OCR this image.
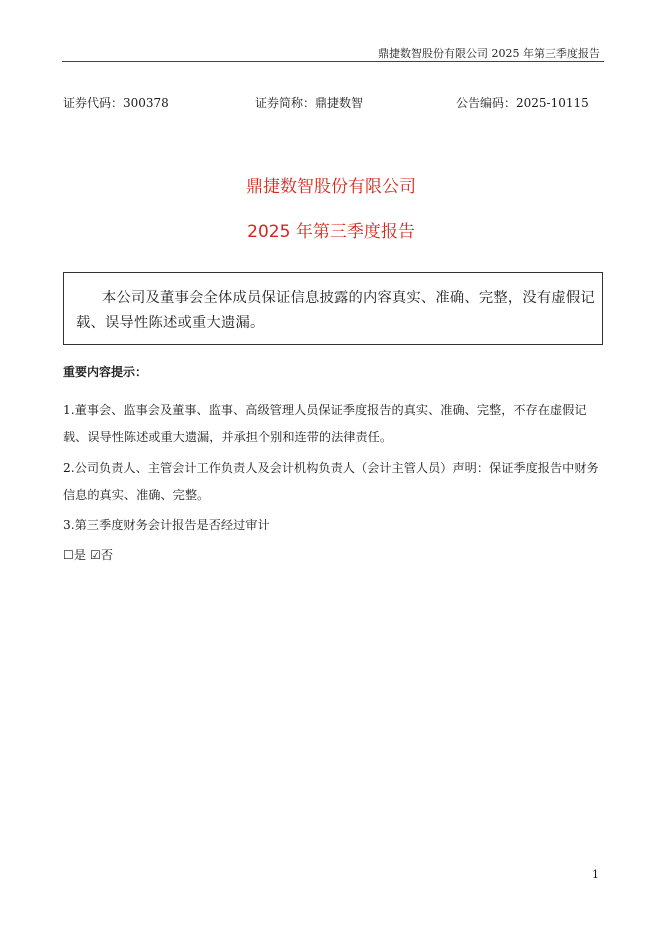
鼎捷数智股份有限公司 2025 年第三季度报告
证券代码：300378	证券简称：鼎捷数智	公告编码：2025-10115
鼎捷数智股份有限公司
2025 年第三季度报告
本公司及董事会全体成员保证信息披露的内容真实、准确、完整，没有虚假记载、误导性陈述或重大遗漏。
重要内容提示：
1.董事会、监事会及董事、监事、高级管理人员保证季度报告的真实、准确、完整，不存在虚假记载、误导性陈述或重大遗漏，并承担个别和连带的法律责任。
2.公司负责人、主管会计工作负责人及会计机构负责人（会计主管人员）声明：保证季度报告中财务信息的真实、准确、完整。
3.第三季度财务会计报告是否经过审计
☐是 ☑否
1
